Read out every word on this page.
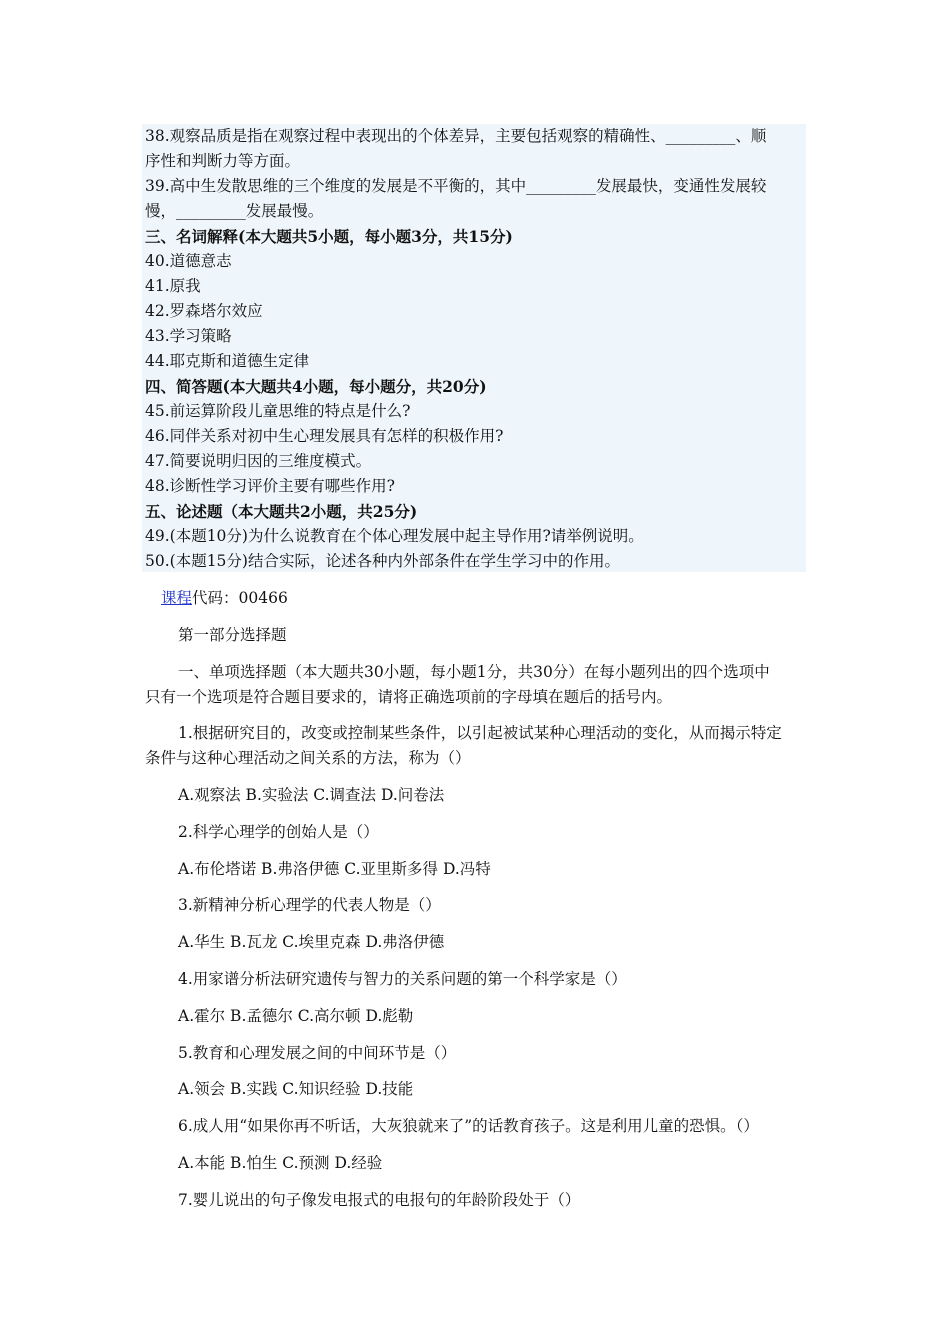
38.观察品质是指在观察过程中表现出的个体差异，主要包括观察的精确性、_________、顺
序性和判断力等方面。
39.高中生发散思维的三个维度的发展是不平衡的，其中_________发展最快，变通性发展较
慢，_________发展最慢。
三、名词解释(本大题共5小题，每小题3分，共15分)
40.道德意志
41.原我
42.罗森塔尔效应
43.学习策略
44.耶克斯和道德生定律
四、简答题(本大题共4小题，每小题分，共20分)
45.前运算阶段儿童思维的特点是什么?
46.同伴关系对初中生心理发展具有怎样的积极作用?
47.简要说明归因的三维度模式。
48.诊断性学习评价主要有哪些作用?
五、论述题（本大题共2小题，共25分)
49.(本题10分)为什么说教育在个体心理发展中起主导作用?请举例说明。
50.(本题15分)结合实际，论述各种内外部条件在学生学习中的作用。
课程代码：00466
第一部分选择题
一、单项选择题（本大题共30小题，每小题1分，共30分）在每小题列出的四个选项中
只有一个选项是符合题目要求的，请将正确选项前的字母填在题后的括号内。
1.根据研究目的，改变或控制某些条件，以引起被试某种心理活动的变化，从而揭示特定
条件与这种心理活动之间关系的方法，称为（）
A.观察法 B.实验法 C.调查法 D.问卷法
2.科学心理学的创始人是（）
A.布伦塔诺 B.弗洛伊德 C.亚里斯多得 D.冯特
3.新精神分析心理学的代表人物是（）
A.华生 B.瓦龙 C.埃里克森 D.弗洛伊德
4.用家谱分析法研究遗传与智力的关系问题的第一个科学家是（）
A.霍尔 B.孟德尔 C.高尔顿 D.彪勒
5.教育和心理发展之间的中间环节是（）
A.领会 B.实践 C.知识经验 D.技能
6.成人用“如果你再不听话，大灰狼就来了”的话教育孩子。这是利用儿童的恐惧。（）
A.本能 B.怕生 C.预测 D.经验
7.婴儿说出的句子像发电报式的电报句的年龄阶段处于（）
